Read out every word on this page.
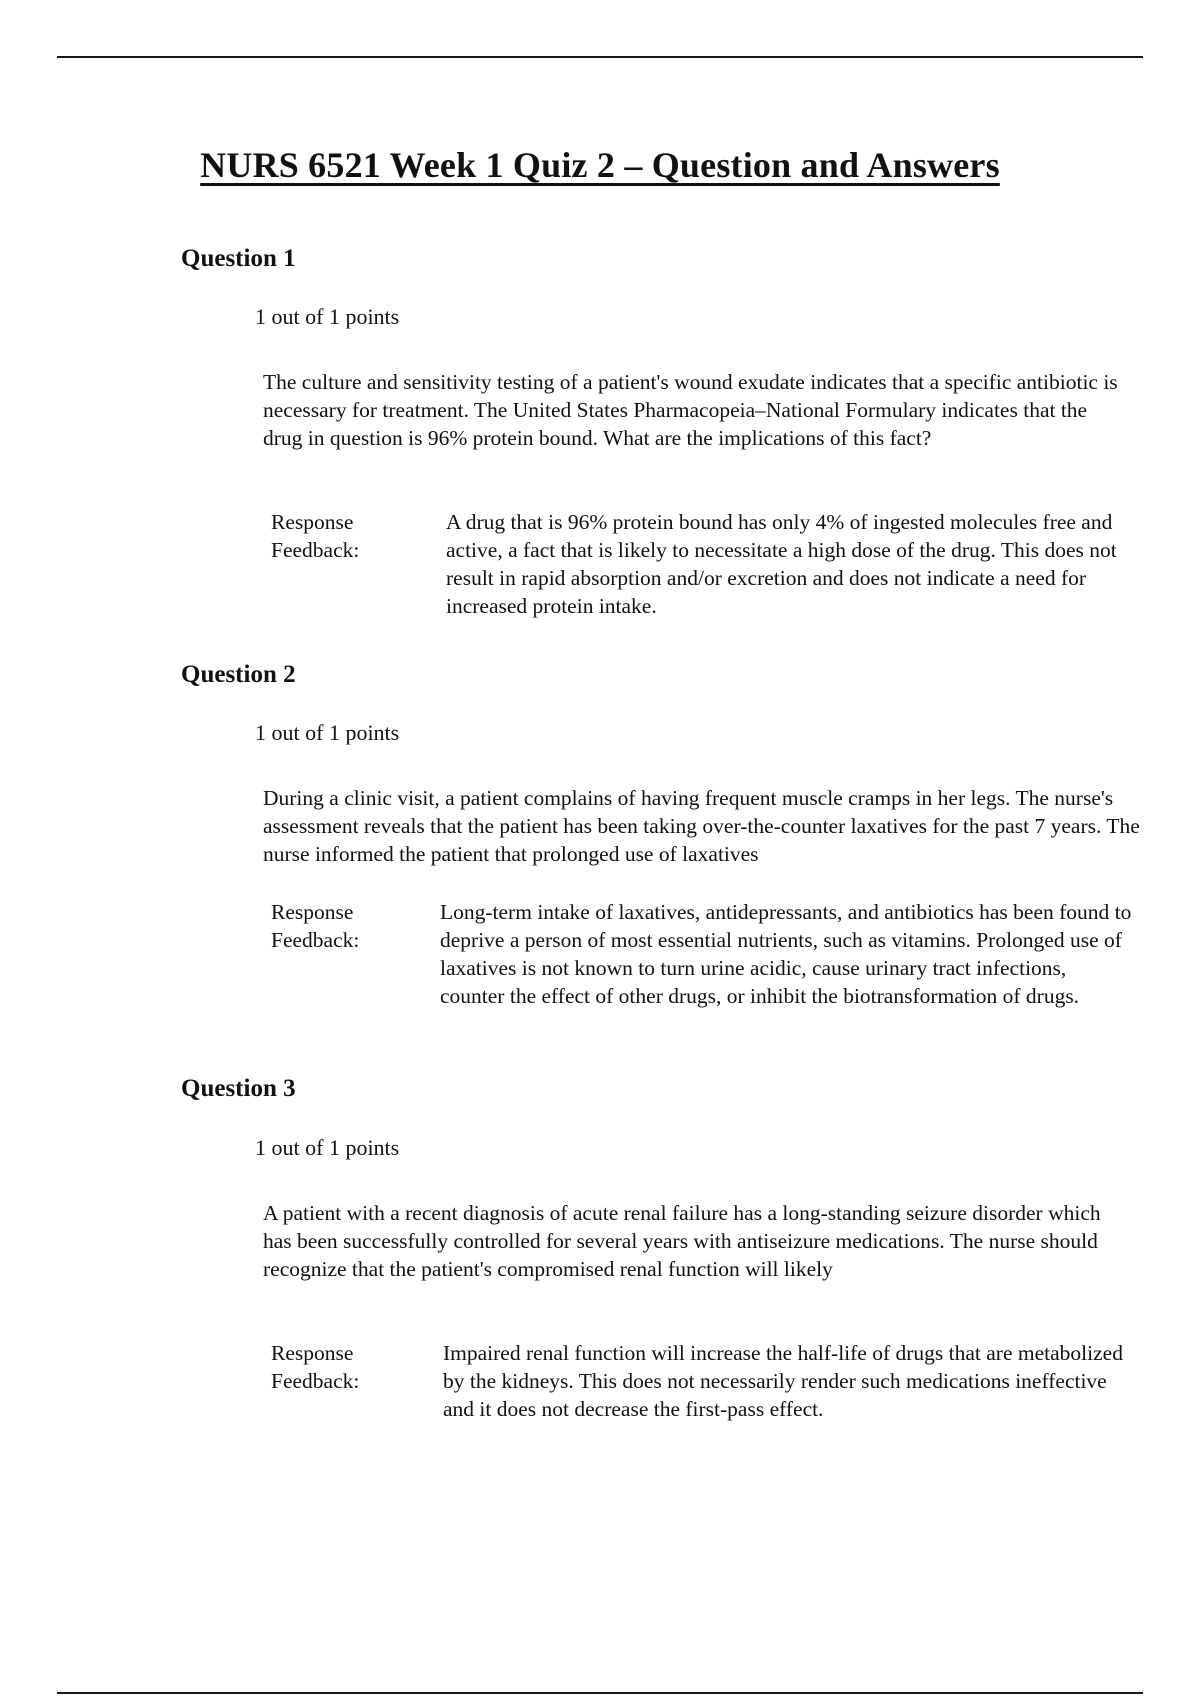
NURS 6521 Week 1 Quiz 2 – Question and Answers
Question 1
1 out of 1 points

The culture and sensitivity testing of a patient's wound exudate indicates that a specific antibiotic is necessary for treatment. The United States Pharmacopeia–National Formulary indicates that the drug in question is 96% protein bound. What are the implications of this fact?

Response Feedback:

A drug that is 96% protein bound has only 4% of ingested molecules free and active, a fact that is likely to necessitate a high dose of the drug. This does not result in rapid absorption and/or excretion and does not indicate a need for increased protein intake.

Question 2
1 out of 1 points

During a clinic visit, a patient complains of having frequent muscle cramps in her legs. The nurse's assessment reveals that the patient has been taking over-the-counter laxatives for the past 7 years. The nurse informed the patient that prolonged use of laxatives

Response Feedback:

Long-term intake of laxatives, antidepressants, and antibiotics has been found to deprive a person of most essential nutrients, such as vitamins. Prolonged use of laxatives is not known to turn urine acidic, cause urinary tract infections, counter the effect of other drugs, or inhibit the biotransformation of drugs.

Question 3
1 out of 1 points

A patient with a recent diagnosis of acute renal failure has a long-standing seizure disorder which has been successfully controlled for several years with antiseizure medications. The nurse should recognize that the patient's compromised renal function will likely

Response Feedback:

Impaired renal function will increase the half-life of drugs that are metabolized by the kidneys. This does not necessarily render such medications ineffective and it does not decrease the first-pass effect.
